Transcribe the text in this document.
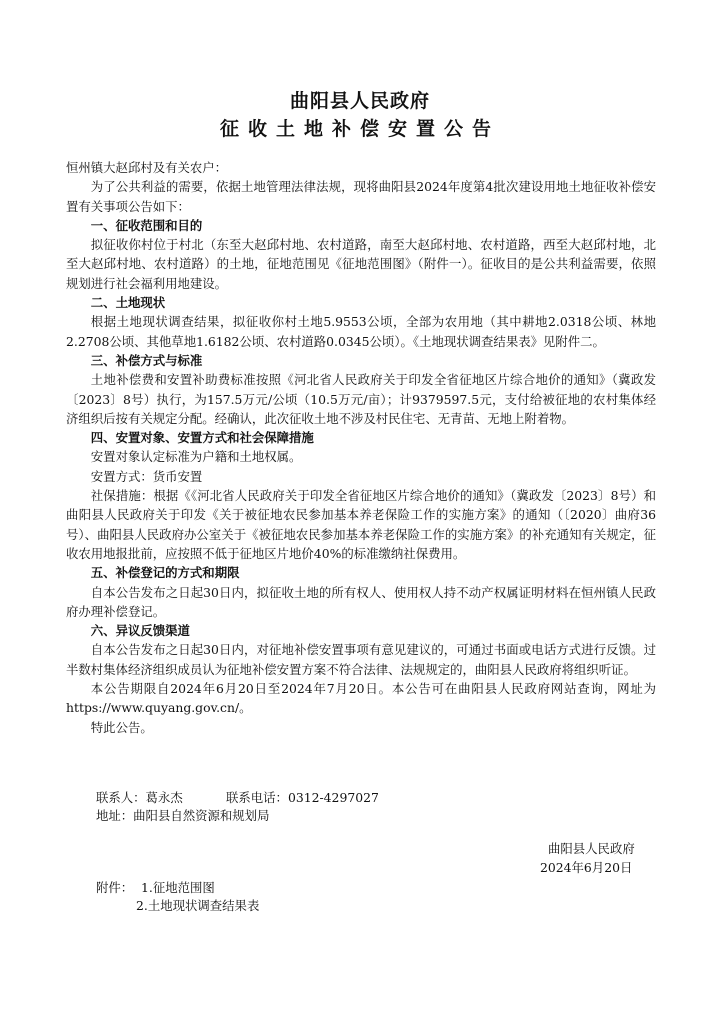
曲阳县人民政府
征收土地补偿安置公告

恒州镇大赵邱村及有关农户：

为了公共利益的需要，依据土地管理法律法规，现将曲阳县2024年度第4批次建设用地土地征收补偿安置有关事项公告如下：

一、征收范围和目的

拟征收你村位于村北（东至大赵邱村地、农村道路，南至大赵邱村地、农村道路，西至大赵邱村地，北至大赵邱村地、农村道路）的土地，征地范围见《征地范围图》（附件一）。征收目的是公共利益需要，依照规划进行社会福利用地建设。

二、土地现状

根据土地现状调查结果，拟征收你村土地5.9553公顷，全部为农用地（其中耕地2.0318公顷、林地2.2708公顷、其他草地1.6182公顷、农村道路0.0345公顷）。《土地现状调查结果表》见附件二。

三、补偿方式与标准

土地补偿费和安置补助费标准按照《河北省人民政府关于印发全省征地区片综合地价的通知》（冀政发〔2023〕8号）执行，为157.5万元/公顷（10.5万元/亩）；计9379597.5元，支付给被征地的农村集体经济组织后按有关规定分配。经确认，此次征收土地不涉及村民住宅、无青苗、无地上附着物。

四、安置对象、安置方式和社会保障措施

安置对象认定标准为户籍和土地权属。

安置方式：货币安置

社保措施：根据《《河北省人民政府关于印发全省征地区片综合地价的通知》（冀政发〔2023〕8号）和曲阳县人民政府关于印发《关于被征地农民参加基本养老保险工作的实施方案》的通知（〔2020〕曲府36号）、曲阳县人民政府办公室关于《被征地农民参加基本养老保险工作的实施方案》的补充通知有关规定，征收农用地报批前，应按照不低于征地区片地价40%的标准缴纳社保费用。

五、补偿登记的方式和期限

自本公告发布之日起30日内，拟征收土地的所有权人、使用权人持不动产权属证明材料在恒州镇人民政府办理补偿登记。

六、异议反馈渠道

自本公告发布之日起30日内，对征地补偿安置事项有意见建议的，可通过书面或电话方式进行反馈。过半数村集体经济组织成员认为征地补偿安置方案不符合法律、法规规定的，曲阳县人民政府将组织听证。

本公告期限自2024年6月20日至2024年7月20日。本公告可在曲阳县人民政府网站查询，网址为https://www.quyang.gov.cn/。

特此公告。

联系人：葛永杰	联系电话：0312-4297027
地址：曲阳县自然资源和规划局
曲阳县人民政府
2024年6月20日
附件： 1.征地范围图
2.土地现状调查结果表
